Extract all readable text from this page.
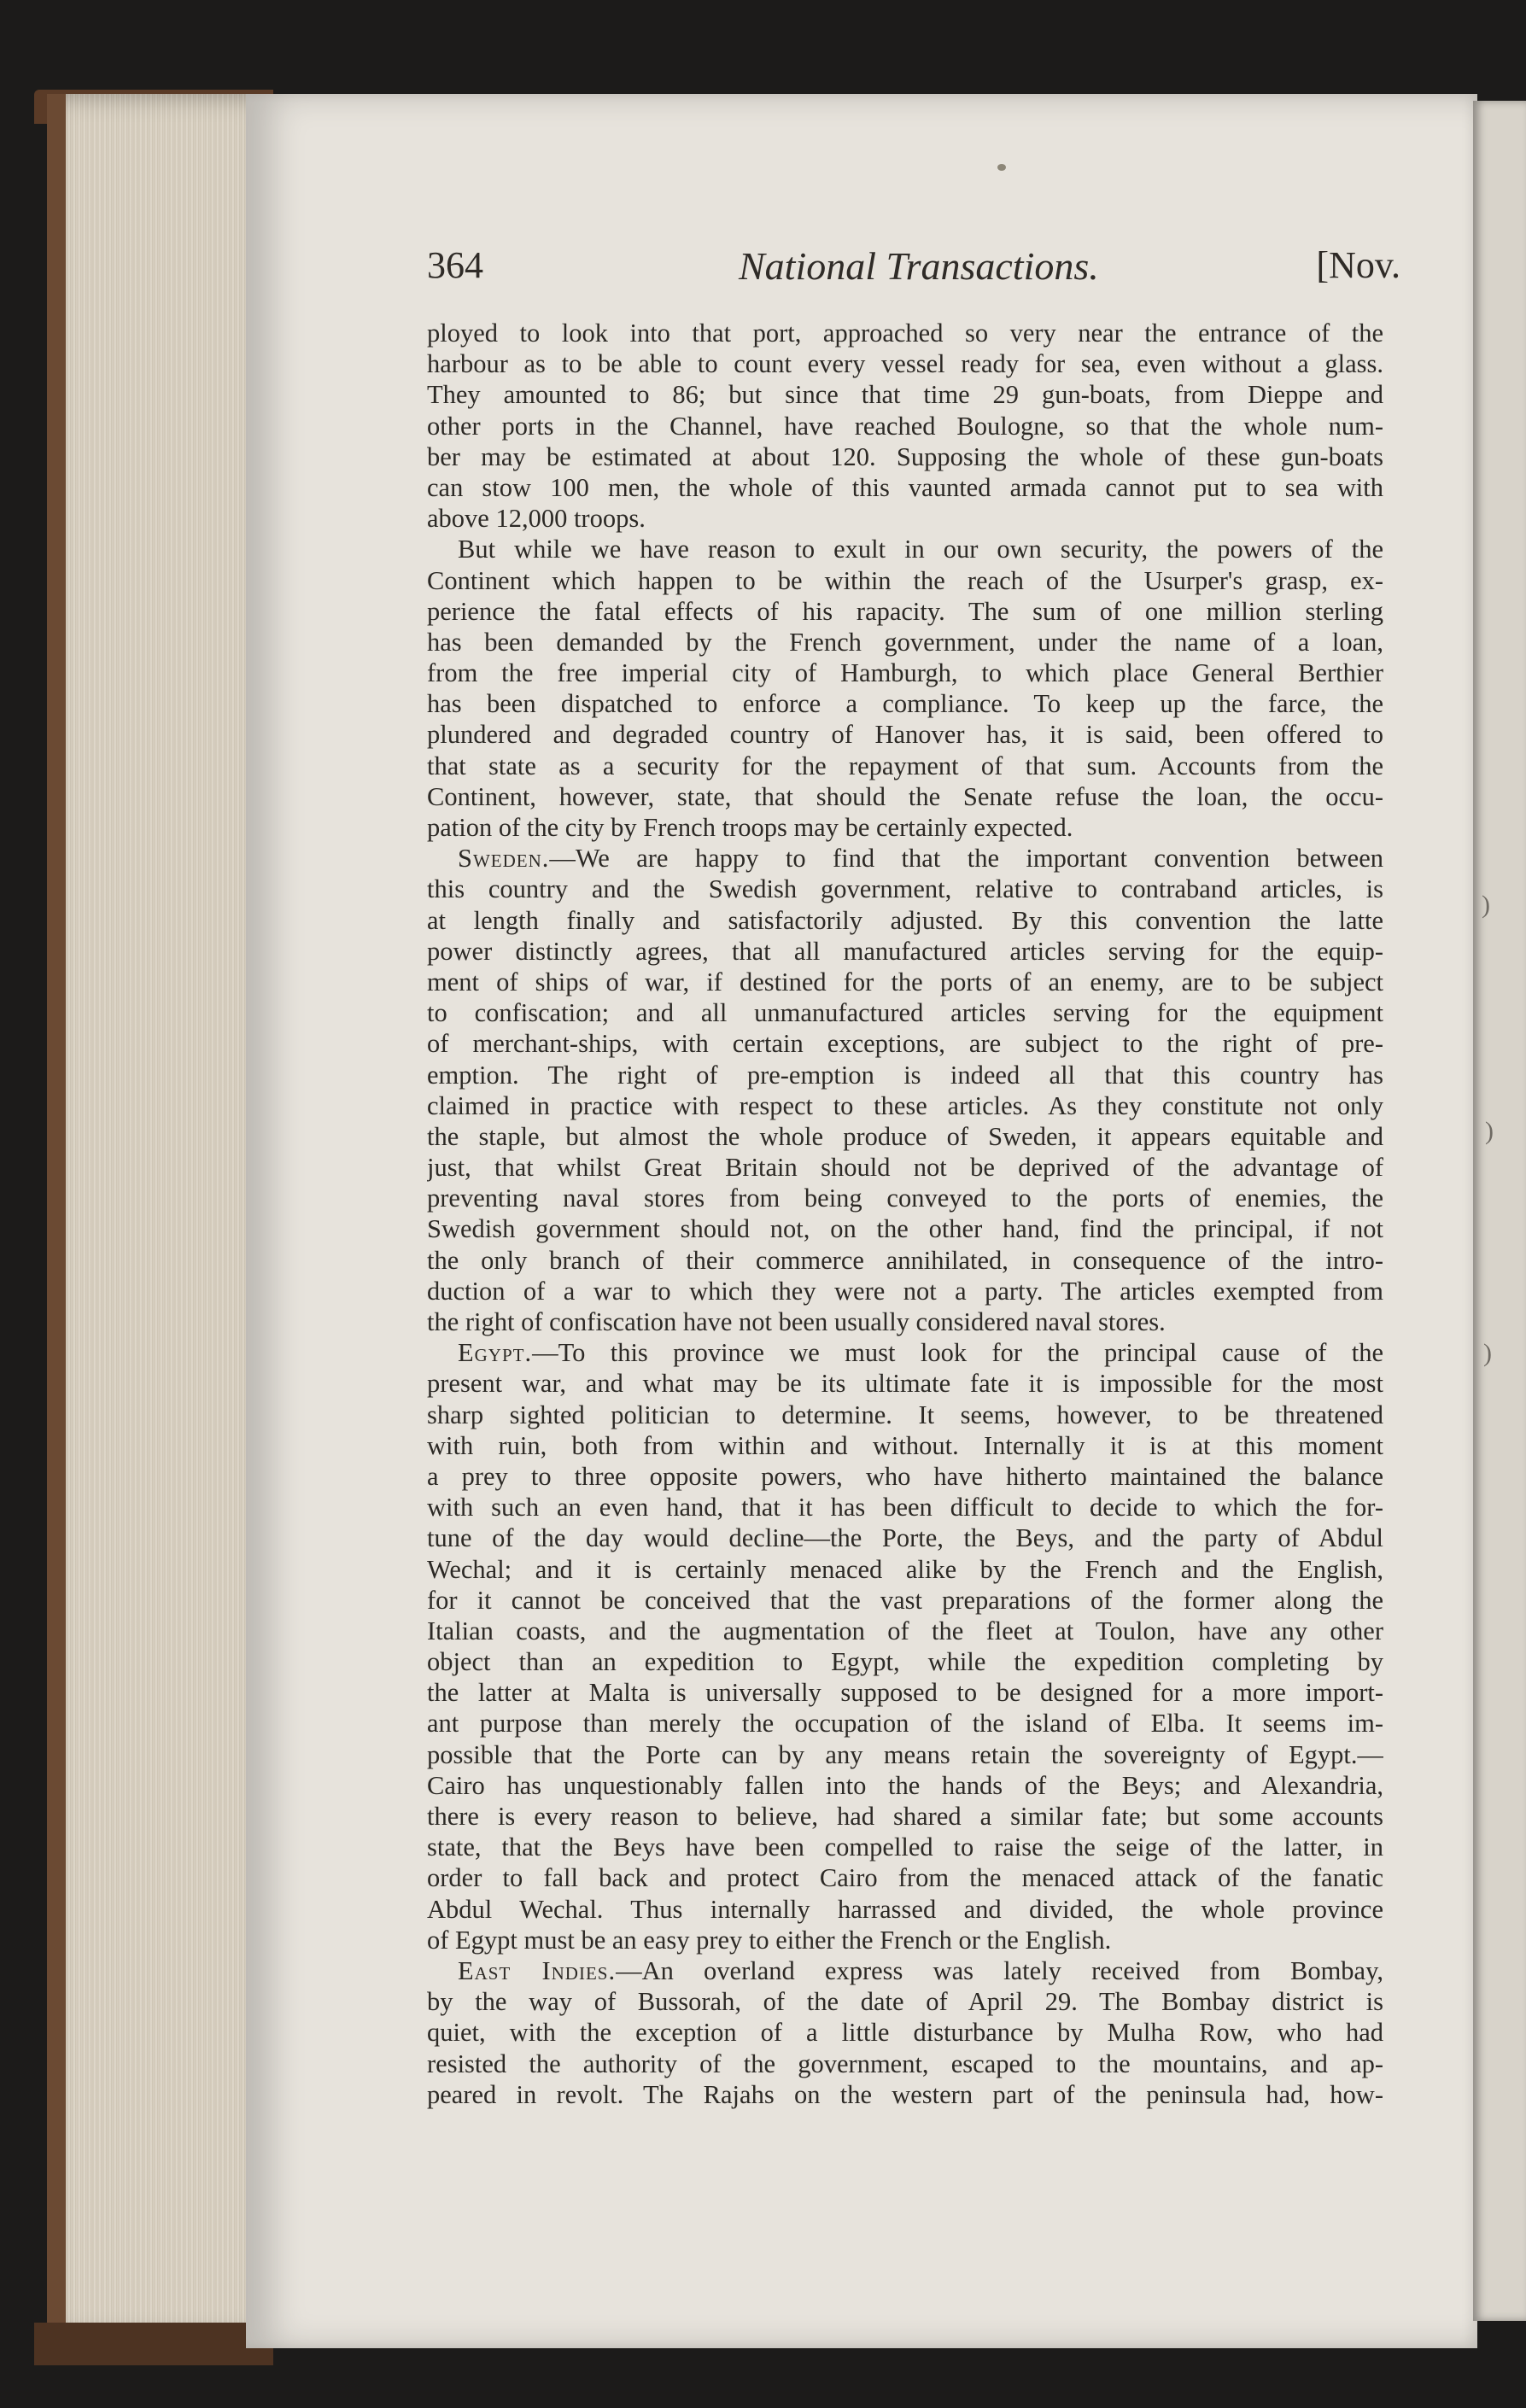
)
)
)
364	National Transactions.	[Nov.
ployed to look into that port, approached so very near the entrance of the
harbour as to be able to count every vessel ready for sea, even without a glass.
They amounted to 86; but since that time 29 gun-boats, from Dieppe and
other ports in the Channel, have reached Boulogne, so that the whole num-
ber may be estimated at about 120. Supposing the whole of these gun-boats
can stow 100 men, the whole of this vaunted armada cannot put to sea with
above 12,000 troops.
But while we have reason to exult in our own security, the powers of the
Continent which happen to be within the reach of the Usurper's grasp, ex-
perience the fatal effects of his rapacity. The sum of one million sterling
has been demanded by the French government, under the name of a loan,
from the free imperial city of Hamburgh, to which place General Berthier
has been dispatched to enforce a compliance. To keep up the farce, the
plundered and degraded country of Hanover has, it is said, been offered to
that state as a security for the repayment of that sum. Accounts from the
Continent, however, state, that should the Senate refuse the loan, the occu-
pation of the city by French troops may be certainly expected.
Sweden.—We are happy to find that the important convention between
this country and the Swedish government, relative to contraband articles, is
at length finally and satisfactorily adjusted. By this convention the latte
power distinctly agrees, that all manufactured articles serving for the equip-
ment of ships of war, if destined for the ports of an enemy, are to be subject
to confiscation; and all unmanufactured articles serving for the equipment
of merchant-ships, with certain exceptions, are subject to the right of pre-
emption. The right of pre-emption is indeed all that this country has
claimed in practice with respect to these articles. As they constitute not only
the staple, but almost the whole produce of Sweden, it appears equitable and
just, that whilst Great Britain should not be deprived of the advantage of
preventing naval stores from being conveyed to the ports of enemies, the
Swedish government should not, on the other hand, find the principal, if not
the only branch of their commerce annihilated, in consequence of the intro-
duction of a war to which they were not a party. The articles exempted from
the right of confiscation have not been usually considered naval stores.
Egypt.—To this province we must look for the principal cause of the
present war, and what may be its ultimate fate it is impossible for the most
sharp sighted politician to determine. It seems, however, to be threatened
with ruin, both from within and without. Internally it is at this moment
a prey to three opposite powers, who have hitherto maintained the balance
with such an even hand, that it has been difficult to decide to which the for-
tune of the day would decline—the Porte, the Beys, and the party of Abdul
Wechal; and it is certainly menaced alike by the French and the English,
for it cannot be conceived that the vast preparations of the former along the
Italian coasts, and the augmentation of the fleet at Toulon, have any other
object than an expedition to Egypt, while the expedition completing by
the latter at Malta is universally supposed to be designed for a more import-
ant purpose than merely the occupation of the island of Elba. It seems im-
possible that the Porte can by any means retain the sovereignty of Egypt.—
Cairo has unquestionably fallen into the hands of the Beys; and Alexandria,
there is every reason to believe, had shared a similar fate; but some accounts
state, that the Beys have been compelled to raise the seige of the latter, in
order to fall back and protect Cairo from the menaced attack of the fanatic
Abdul Wechal. Thus internally harrassed and divided, the whole province
of Egypt must be an easy prey to either the French or the English.
East Indies.—An overland express was lately received from Bombay,
by the way of Bussorah, of the date of April 29. The Bombay district is
quiet, with the exception of a little disturbance by Mulha Row, who had
resisted the authority of the government, escaped to the mountains, and ap-
peared in revolt. The Rajahs on the western part of the peninsula had, how-
